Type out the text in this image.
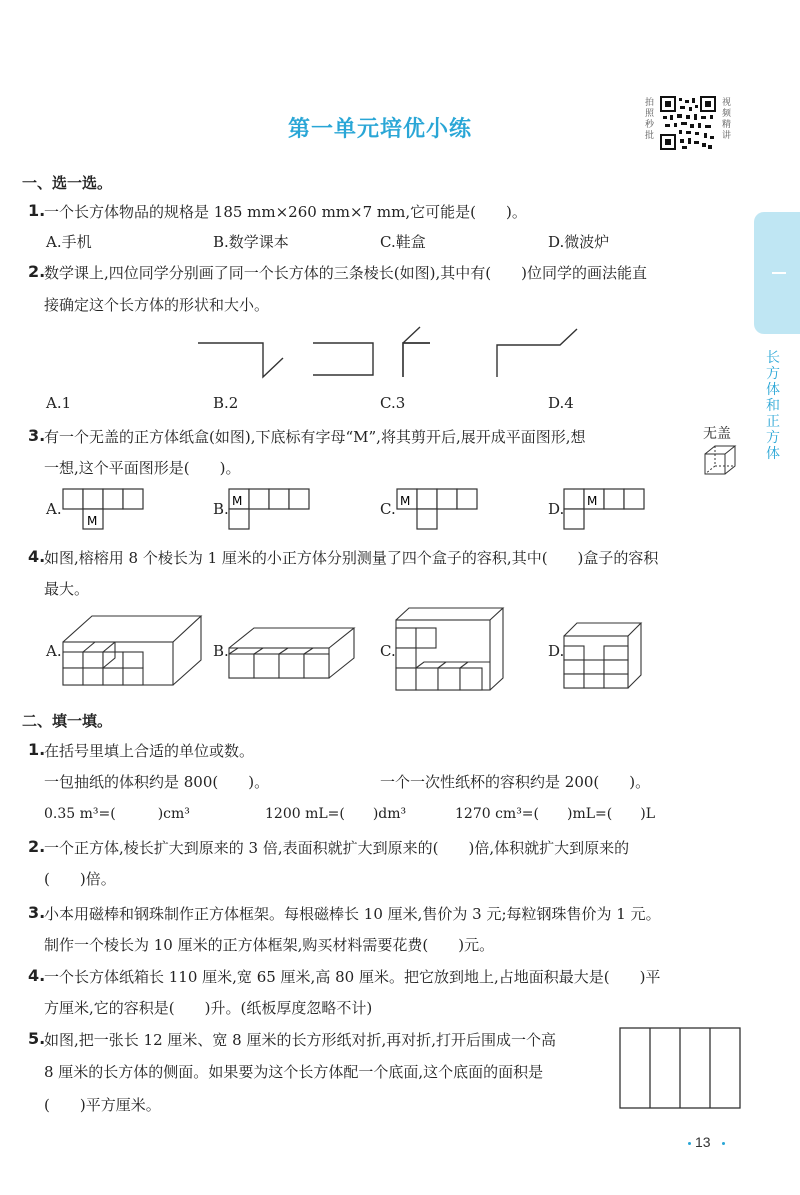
第一单元培优小练
拍照秒批
视频精讲
长方体和正方体
一、选一选。
1.
一个长方体物品的规格是 185 mm×260 mm×7 mm,它可能是(　　)。
A.手机	B.数学课本	C.鞋盒	D.微波炉
2.
数学课上,四位同学分别画了同一个长方体的三条棱长(如图),其中有(　　)位同学的画法能直
接确定这个长方体的形状和大小。
A.1	B.2	C.3	D.4
3.
有一个无盖的正方体纸盒(如图),下底标有字母“M”,将其剪开后,展开成平面图形,想
一想,这个平面图形是(　　)。
无盖
A.
M
B. M	C. M	D. M
4.
如图,榕榕用 8 个棱长为 1 厘米的小正方体分别测量了四个盒子的容积,其中(　　)盒子的容积
最大。
A.	B.	C.	D.
二、填一填。
1.
在括号里填上合适的单位或数。
一包抽纸的体积约是 800(　　)。	一个一次性纸杯的容积约是 200(　　)。
0.35 m³=(　　　)cm³	1200 mL=(　　)dm³	1270 cm³=(　　)mL=(　　)L
2.
一个正方体,棱长扩大到原来的 3 倍,表面积就扩大到原来的(　　)倍,体积就扩大到原来的
(　　)倍。
3.
小本用磁棒和钢珠制作正方体框架。每根磁棒长 10 厘米,售价为 3 元;每粒钢珠售价为 1 元。
制作一个棱长为 10 厘米的正方体框架,购买材料需要花费(　　)元。
4.
一个长方体纸箱长 110 厘米,宽 65 厘米,高 80 厘米。把它放到地上,占地面积最大是(　　)平
方厘米,它的容积是(　　)升。(纸板厚度忽略不计)
5.
如图,把一张长 12 厘米、宽 8 厘米的长方形纸对折,再对折,打开后围成一个高
8 厘米的长方体的侧面。如果要为这个长方体配一个底面,这个底面的面积是
(　　)平方厘米。
13
